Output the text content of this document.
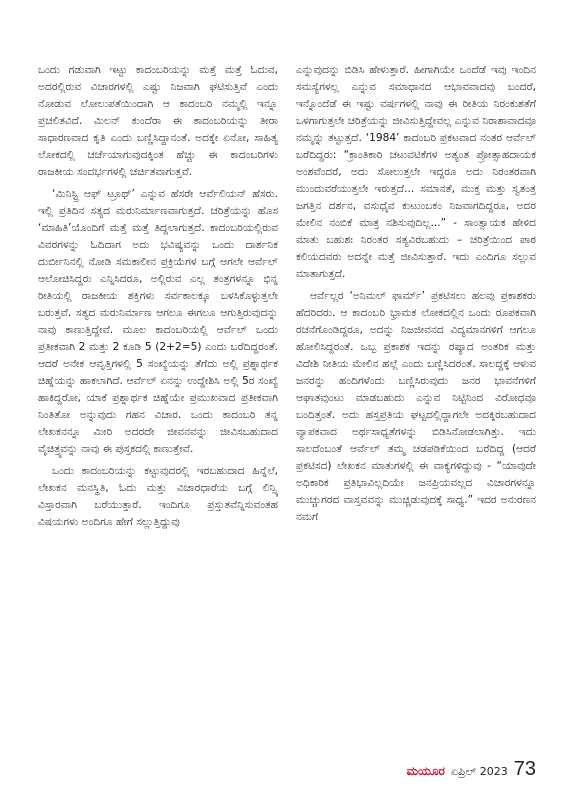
ಒಂದು ಗಡುವಾಗಿ ಇಟ್ಟು ಕಾದಂಬರಿಯನ್ನು ಮತ್ತೆ ಮತ್ತೆ ಓದುವ, ಅದರಲ್ಲಿರುವ ವಿಚಾರಗಳಲ್ಲಿ ಎಷ್ಟು ನಿಜವಾಗಿ ಘಟಿಸುತ್ತಿವೆ ಎಂದು ನೋಡುವ ಲೋಲುಪತೆಯಿಂದಾಗಿ ಆ ಕಾದಂಬರಿ ನಮ್ಮಲ್ಲಿ ಇನ್ನೂ ಪ್ರಚಲಿತವಿದೆ. ಮಿಲನ್ ಕುಂದೆರಾ ಈ ಕಾದಂಬರಿಯನ್ನು ತೀರಾ ಸಾಧಾರಣವಾದ ಕೃತಿ ಎಂದು ಬಣ್ಣಿಸಿದ್ದಾನಂತೆ. ಅದಕ್ಕೇ ಏನೋ, ಸಾಹಿತ್ಯ ಲೋಕದಲ್ಲಿ ಚರ್ಚೆಯಾಗುವುದಕ್ಕಿಂತ ಹೆಚ್ಚು ಈ ಕಾದಂಬರಿಗಳು ರಾಜಕೀಯ ಸಂದರ್ಭಗಳಲ್ಲಿ ಚರ್ಚಿತವಾಗುತ್ತವೆ.

‘ಮಿನಿಸ್ಟ್ರಿ ಆಫ್ ಟ್ರೂಥ್’ ಎನ್ನುವ ಹೆಸರೇ ಆರ್ವೆಲಿಯನ್ ಹೆಸರು. ಇಲ್ಲಿ ಪ್ರತಿದಿನ ಸತ್ಯದ ಮರುನಿರ್ಮಾಣವಾಗುತ್ತದೆ. ಚರಿತ್ರೆಯನ್ನು ಹೊಸ ‘ಮಾಹಿತಿ’ಯೊಂದಿಗೆ ಮತ್ತೆ ಮತ್ತೆ ತಿದ್ದಲಾಗುತ್ತದೆ. ಕಾದಂಬರಿಯಲ್ಲಿರುವ ವಿವರಗಳನ್ನು ಓದಿದಾಗ ಅದು ಭವಿಷ್ಯವನ್ನು ಒಂದು ದಾರ್ಶನಿಕ ದುರ್ಬೀನಿನಲ್ಲಿ ನೋಡಿ ಸಮಕಾಲೀನ ಪ್ರಕ್ರಿಯೆಗಳ ಬಗ್ಗೆ ಆಗಲೇ ಆರ್ವೆಲ್ ಆಲೋಚಿಸಿದ್ದರು ಎನ್ನಿಸಿದರೂ, ಅಲ್ಲಿರುವ ಎಲ್ಲ ತಂತ್ರಗಳನ್ನೂ ಭಿನ್ನ ರೀತಿಯಲ್ಲಿ ರಾಜಕೀಯ ಶಕ್ತಿಗಳು ಸರ್ವಕಾಲಕ್ಕೂ ಬಳಸಿಕೊಳ್ಳುತ್ತಲೇ ಬರುತ್ತವೆ. ಸತ್ಯದ ಮರುನಿರ್ಮಾಣ ಆಗಲೂ ಈಗಲೂ ಆಗುತ್ತಿರುವುದನ್ನು ನಾವು ಕಾಣುತ್ತಿದ್ದೇವೆ. ಮೂಲ ಕಾದಂಬರಿಯಲ್ಲಿ ಆರ್ವೆಲ್ ಒಂದು ಪ್ರತೀಕವಾಗಿ 2 ಮತ್ತು 2 ಕೂಡಿ 5 (2+2=5) ಎಂದು ಬರೆದಿದ್ದರಂತೆ. ಆದರೆ ಅನೇಕ ಆವೃತ್ತಿಗಳಲ್ಲಿ 5 ಸಂಖ್ಯೆಯನ್ನು ತೆಗೆದು ಅಲ್ಲಿ ಪ್ರಶ್ನಾರ್ಥಕ ಚಿಹ್ನೆಯನ್ನು ಹಾಕಲಾಗಿದೆ. ಆರ್ವೆಲ್ ಏನನ್ನು ಉದ್ದೇಶಿಸಿ ಅಲ್ಲಿ 5ರ ಸಂಖ್ಯೆ ಹಾಕಿದ್ದರೋ, ಯಾಕೆ ಪ್ರಶ್ನಾರ್ಥಕ ಚಿಹ್ನೆಯೇ ಪ್ರಮುಖವಾದ ಪ್ರತೀಕವಾಗಿ ನಿಂತಿತೋ ಅನ್ನುವುದು ಗಹನ ವಿಚಾರ. ಒಂದು ಕಾದಂಬರಿ ತನ್ನ ಲೇಖಕನನ್ನೂ ಮೀರಿ ಅದರದೇ ಜೀವನವನ್ನು ಜೀವಿಸಬಹುದಾದ ವೈಚಿತ್ರ್ಯವನ್ನು ನಾವು ಈ ಪುಸ್ತಕದಲ್ಲಿ ಕಾಣುತ್ತೇವೆ.

ಒಂದು ಕಾದಂಬರಿಯನ್ನು ಕಟ್ಟುವುದರಲ್ಲಿ ಇರಬಹುದಾದ ಹಿನ್ನೆಲೆ, ಲೇಖಕನ ಮನಸ್ಥಿತಿ, ಓದು ಮತ್ತು ವಿಚಾರಧಾರೆಯ ಬಗ್ಗೆ ಲಿನ್ಸ್ಕಿ ವಿಸ್ತಾರವಾಗಿ ಬರೆಯುತ್ತಾರೆ. ಇಂದಿಗೂ ಪ್ರಸ್ತುತವೆನ್ನಿಸುವಂತಹ ವಿಷಯಗಳು ಅಂದಿಗೂ ಹೇಗೆ ಸಲ್ಲುತ್ತಿದ್ದುವು

ಎನ್ನುವುದನ್ನು ಬಿಡಿಸಿ ಹೇಳುತ್ತಾರೆ. ಹೀಗಾಗಿಯೇ ಒಂದೆಡೆ ಇವು ಇಂದಿನ ಸಮಸ್ಯೆಗಳಲ್ಲ ಎನ್ನುವ ಸಮಾಧಾನದ ಆಭಾವವಾದವು ಬಂದರೆ, ಇನ್ನೊಂದೆಡೆ ಈ ಇಷ್ಟು ವರ್ಷಗಳಲ್ಲಿ ನಾವು ಈ ರೀತಿಯ ನಿರಂಕುಶತೆಗೆ ಒಳಗಾಗುತ್ತಲೇ ಚರಿತ್ರೆಯನ್ನು ಜೀವಿಸುತ್ತಿದ್ದೇವಲ್ಲ ಎನ್ನುವ ನಿರಾಶಾವಾದವೂ ನಮ್ಮನ್ನು ತಟ್ಟುತ್ತದೆ. ‘1984’ ಕಾದಂಬರಿ ಪ್ರಕಟವಾದ ನಂತರ ಆರ್ವೆಲ್ ಬರೆದಿದ್ದರು: “ಕ್ರಾಂತಿಕಾರಿ ಚಟುವಟಿಕೆಗಳ ಅತ್ಯಂತ ಪ್ರೋತ್ಸಾಹದಾಯಕ ಅಂಶವೆಂದರೆ, ಅದು ಸೋಲುತ್ತಲೇ ಇದ್ದರೂ ಅದು ನಿರಂತರವಾಗಿ ಮುಂದುವರೆಯುತ್ತಲೇ ಇರುತ್ತದೆ... ಸಮಾನತೆ, ಮುಕ್ತ ಮತ್ತು ಸ್ವತಂತ್ರ ಜಗತ್ತಿನ ದರ್ಶನ, ವಸುಧೈವ ಕುಟುಂಬಕಂ ನಿಜವಾಗದಿದ್ದರೂ, ಅದರ ಮೇಲಿನ ನಂಬಿಕೆ ಮಾತ್ರ ನಶಿಸುವುದಿಲ್ಲ...” - ಸಾಂತ್ವಾಯಕ ಹೇಳಿದ ಮಾತು ಬಹುಶಃ ನಿರಂತರ ಸತ್ಯವಿರಬಹುದು – ಚರಿತ್ರೆಯಿಂದ ಪಾಠ ಕಲಿಯದವರು ಅದನ್ನೇ ಮತ್ತೆ ಜೀವಿಸುತ್ತಾರೆ. ಇದು ಎಂದಿಗೂ ಸಲ್ಲುವ ಮಾತಾಗುತ್ತದೆ.

ಆರ್ವೆಲ್ಲರ ‘ಅನಿಮಲ್ ಫಾರ್ಮ್’ ಪ್ರಕಟಿಸಲು ಹಲವು ಪ್ರಕಾಶಕರು ಹೆದರಿದರು. ಆ ಕಾದಂಬರಿ ಭ್ರಾಮಕ ಲೋಕದಲ್ಲಿನ ಒಂದು ರೂಪಕವಾಗಿ ರಚನೆಗೊಂಡಿದ್ದರೂ, ಅದನ್ನು ನಿಜಜೀವನದ ವಿದ್ಯಮಾನಗಳಿಗೆ ಆಗಲೂ ಹೋಲಿಸಿದ್ದರಂತೆ. ಒಬ್ಬ ಪ್ರಕಾಶಕ ಇದನ್ನು ರಷ್ಯಾದ ಅಂತರಿಕ ಮತ್ತು ವಿದೇಶಿ ನೀತಿಯ ಮೇಲಿನ ಹಲ್ಲೆ ಎಂದು ಬಣ್ಣಿಸಿದರಂತೆ. ಸಾಲದ್ದಕ್ಕೆ ಆಳುವ ಜನರನ್ನು ಹಂದಿಗಳೆಂದು ಬಣ್ಣಿಸಿರುವುದು ಜನರ ಭಾವನೆಗಳಿಗೆ ಆಘಾತವುಂಟು ಮಾಡಬಹುದು ಎನ್ನುವ ನಿಟ್ಟಿನಿಂದ ವಿರೋಧವೂ ಬಂದಿತ್ತಂತೆ. ಅದು ಹಸ್ತಪ್ರತಿಯ ಘಟ್ಟದಲ್ಲಿದ್ದಾಗಲೇ ಅದಕ್ಕಿರಬಹುದಾದ ವ್ಯಾಪಕವಾದ ಅರ್ಥಸಾಧ್ಯತೆಗಳನ್ನು ಬಿಡಿಸಿನೋಡಲಾಗಿತ್ತು. ಇದು ಸಾಲದೆಂಬಂತೆ ಆರ್ವೆಲ್ ತಮ್ಮ ಚಡಪಡಿಕೆಯಿಂದ ಬರೆದಿದ್ದ (ಆದರೆ ಪ್ರಕಟಿಸದ) ಲೇಖಕನ ಮಾತುಗಳಲ್ಲಿ ಈ ವಾಕ್ಯಗಳಿದ್ದುವು - “ಯಾವುದೇ ಅಧಿಕಾರಿಕ ಪ್ರತಿಭಾವಿಲ್ಲದಿಯೇ ಜನಪ್ರಿಯವಲ್ಲದ ವಿಚಾರಗಳನ್ನೂ ಮುಚ್ಚುಗರದ ವಾಸ್ತವವನ್ನು ಮುಚ್ಚಿಡುವುದಕ್ಕೆ ಸಾಧ್ಯ.” ಇದರ ಅನುರಣನ ನಮಗೆ

ಮಯೂರ ಏಪ್ರಿಲ್ 2023 73
